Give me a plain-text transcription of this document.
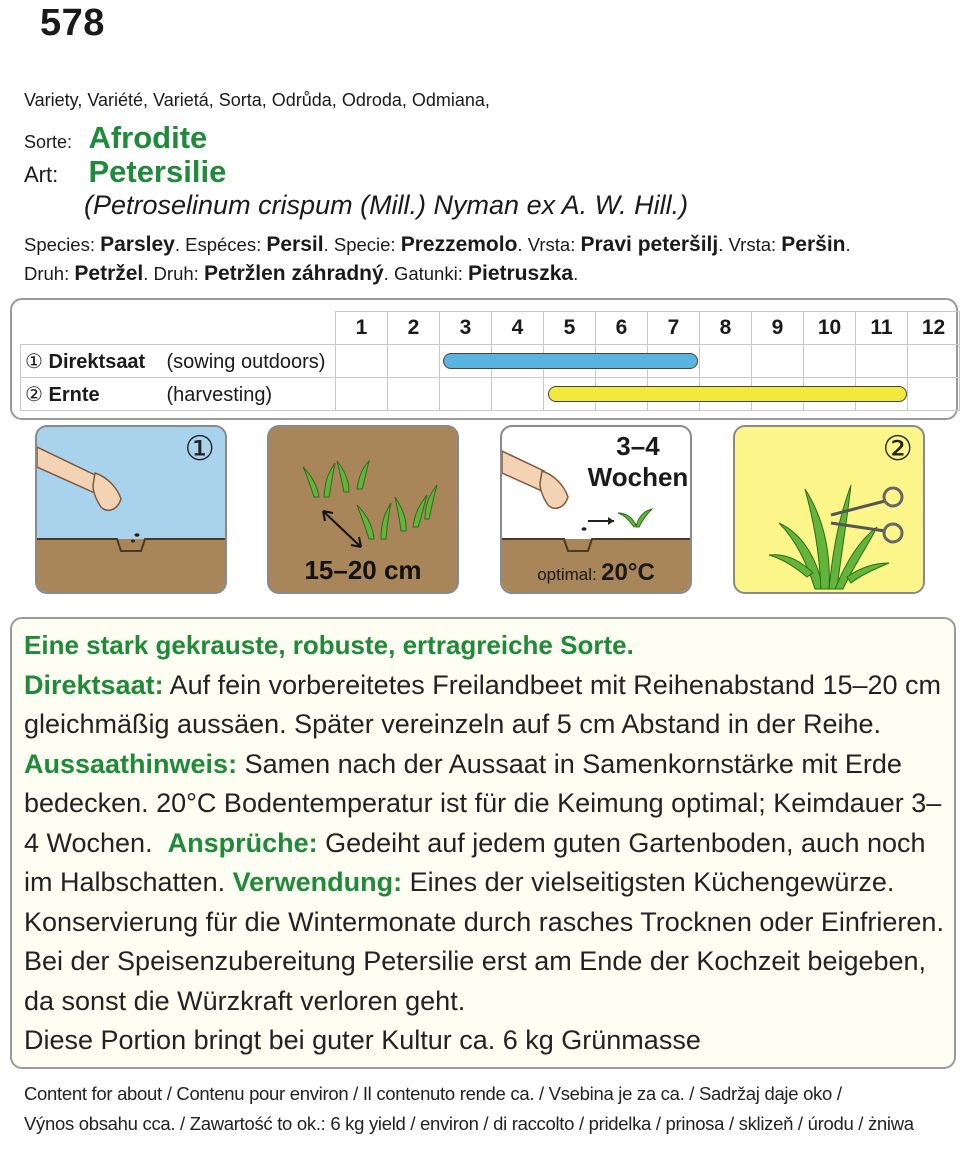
578
Variety, Variété, Varietá, Sorta, Odrůda, Odroda, Odmiana,
Sorte: Afrodite
Art: Petersilie
(Petroselinum crispum (Mill.) Nyman ex A. W. Hill.)
Species: Parsley. Espéces: Persil. Specie: Prezzemolo. Vrsta: Pravi peteršilj. Vrsta: Peršin.
Druh: Petržel. Druh: Petržlen záhradný. Gatunki: Pietruszka.
	1	2	3	4	5	6	7	8	9	10	11	12
① Direktsaat (sowing outdoors)												
② Ernte (harvesting)												
①
15–20 cm
3–4
Wochen
optimal: 20°C
②
Eine stark gekrauste, robuste, ertragreiche Sorte.
Direktsaat: Auf fein vorbereitetes Freilandbeet mit Reihenabstand 15–20 cm gleichmäßig aussäen. Später vereinzeln auf 5 cm Abstand in der Reihe. Aussaathinweis: Samen nach der Aussaat in Samenkornstärke mit Erde bedecken. 20°C Bodentemperatur ist für die Keimung optimal; Keimdauer 3–4 Wochen.  Ansprüche: Gedeiht auf jedem guten Gartenboden, auch noch im Halbschatten. Verwendung: Eines der vielseitigsten Küchengewürze. Konservierung für die Wintermonate durch rasches Trocknen oder Einfrieren. Bei der Speisenzubereitung Petersilie erst am Ende der Kochzeit beigeben, da sonst die Würzkraft verloren geht.
Diese Portion bringt bei guter Kultur ca. 6 kg Grünmasse
Content for about / Contenu pour environ / Il contenuto rende ca. / Vsebina je za ca. / Sadržaj daje oko /
Výnos obsahu cca. / Zawartość to ok.: 6 kg yield / environ / di raccolto / pridelka / prinosa / sklizeň / úrodu / żniwa
